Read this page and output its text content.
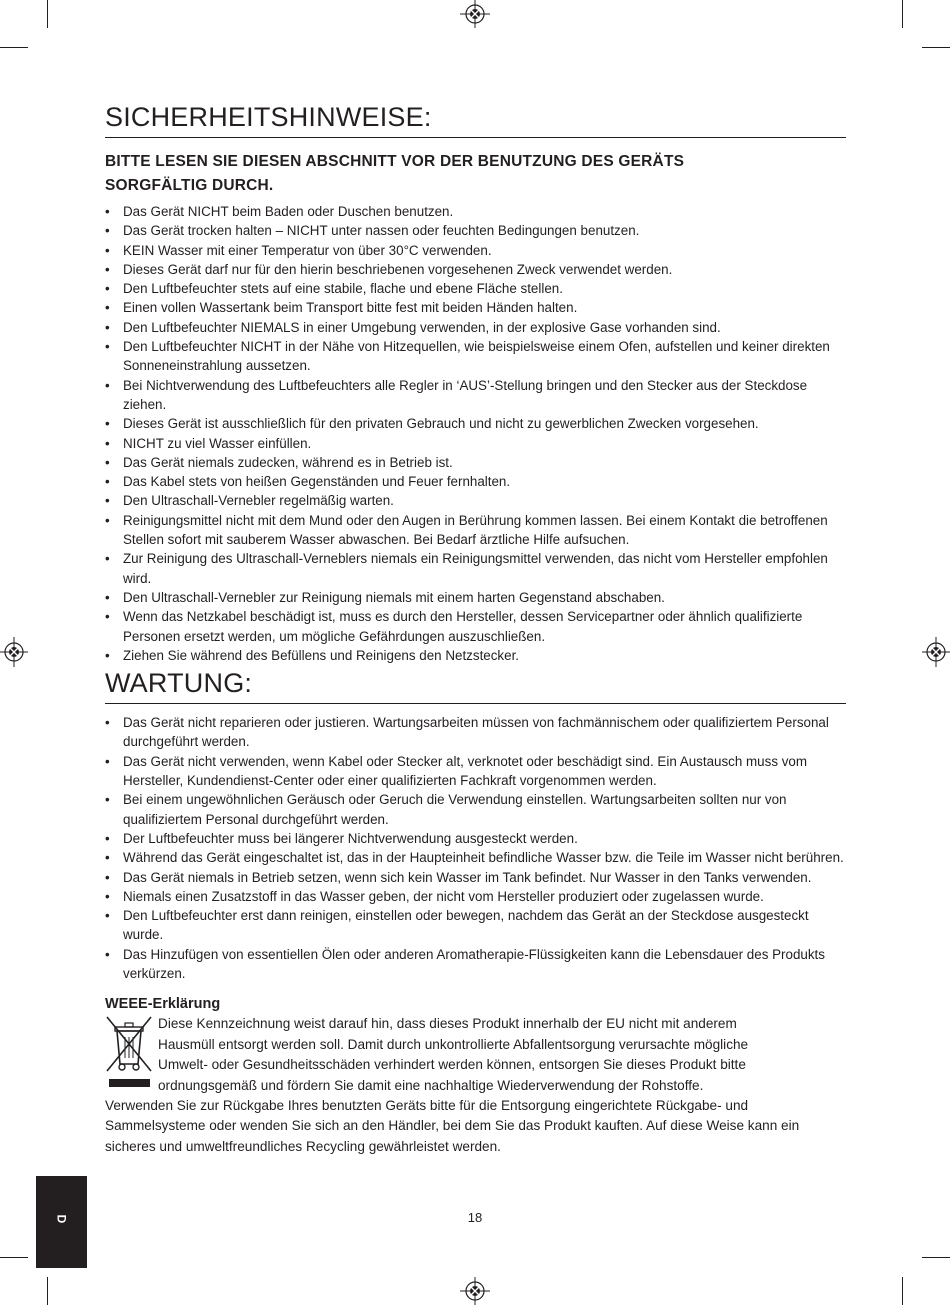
SICHERHEITSHINWEISE:
BITTE LESEN SIE DIESEN ABSCHNITT VOR DER BENUTZUNG DES GERÄTS
SORGFÄLTIG DURCH.
• Das Gerät NICHT beim Baden oder Duschen benutzen.
• Das Gerät trocken halten – NICHT unter nassen oder feuchten Bedingungen benutzen.
• KEIN Wasser mit einer Temperatur von über 30°C verwenden.
• Dieses Gerät darf nur für den hierin beschriebenen vorgesehenen Zweck verwendet werden.
• Den Luftbefeuchter stets auf eine stabile, flache und ebene Fläche stellen.
• Einen vollen Wassertank beim Transport bitte fest mit beiden Händen halten.
• Den Luftbefeuchter NIEMALS in einer Umgebung verwenden, in der explosive Gase vorhanden sind.
• Den Luftbefeuchter NICHT in der Nähe von Hitzequellen, wie beispielsweise einem Ofen, aufstellen und keiner direkten Sonneneinstrahlung aussetzen.
• Bei Nichtverwendung des Luftbefeuchters alle Regler in ‘AUS’-Stellung bringen und den Stecker aus der Steckdose ziehen.
• Dieses Gerät ist ausschließlich für den privaten Gebrauch und nicht zu gewerblichen Zwecken vorgesehen.
• NICHT zu viel Wasser einfüllen.
• Das Gerät niemals zudecken, während es in Betrieb ist.
• Das Kabel stets von heißen Gegenständen und Feuer fernhalten.
• Den Ultraschall-Vernebler regelmäßig warten.
• Reinigungsmittel nicht mit dem Mund oder den Augen in Berührung kommen lassen. Bei einem Kontakt die betroffenen Stellen sofort mit sauberem Wasser abwaschen. Bei Bedarf ärztliche Hilfe aufsuchen.
• Zur Reinigung des Ultraschall-Verneblers niemals ein Reinigungsmittel verwenden, das nicht vom Hersteller empfohlen wird.
• Den Ultraschall-Vernebler zur Reinigung niemals mit einem harten Gegenstand abschaben.
• Wenn das Netzkabel beschädigt ist, muss es durch den Hersteller, dessen Servicepartner oder ähnlich qualifizierte Personen ersetzt werden, um mögliche Gefährdungen auszuschließen.
• Ziehen Sie während des Befüllens und Reinigens den Netzstecker.
WARTUNG:
• Das Gerät nicht reparieren oder justieren. Wartungsarbeiten müssen von fachmännischem oder qualifiziertem Personal durchgeführt werden.
• Das Gerät nicht verwenden, wenn Kabel oder Stecker alt, verknotet oder beschädigt sind. Ein Austausch muss vom Hersteller, Kundendienst-Center oder einer qualifizierten Fachkraft vorgenommen werden.
• Bei einem ungewöhnlichen Geräusch oder Geruch die Verwendung einstellen. Wartungsarbeiten sollten nur von qualifiziertem Personal durchgeführt werden.
• Der Luftbefeuchter muss bei längerer Nichtverwendung ausgesteckt werden.
• Während das Gerät eingeschaltet ist, das in der Haupteinheit befindliche Wasser bzw. die Teile im Wasser nicht berühren.
• Das Gerät niemals in Betrieb setzen, wenn sich kein Wasser im Tank befindet. Nur Wasser in den Tanks verwenden.
• Niemals einen Zusatzstoff in das Wasser geben, der nicht vom Hersteller produziert oder zugelassen wurde.
• Den Luftbefeuchter erst dann reinigen, einstellen oder bewegen, nachdem das Gerät an der Steckdose ausgesteckt wurde.
• Das Hinzufügen von essentiellen Ölen oder anderen Aromatherapie-Flüssigkeiten kann die Lebensdauer des Produkts verkürzen.
WEEE-Erklärung
Diese Kennzeichnung weist darauf hin, dass dieses Produkt innerhalb der EU nicht mit anderem
Hausmüll entsorgt werden soll. Damit durch unkontrollierte Abfallentsorgung verursachte mögliche
Umwelt- oder Gesundheitsschäden verhindert werden können, entsorgen Sie dieses Produkt bitte
ordnungsgemäß und fördern Sie damit eine nachhaltige Wiederverwendung der Rohstoffe.
Verwenden Sie zur Rückgabe Ihres benutzten Geräts bitte für die Entsorgung eingerichtete Rückgabe- und Sammelsysteme oder wenden Sie sich an den Händler, bei dem Sie das Produkt kauften. Auf diese Weise kann ein sicheres und umweltfreundliches Recycling gewährleistet werden.
18
D
